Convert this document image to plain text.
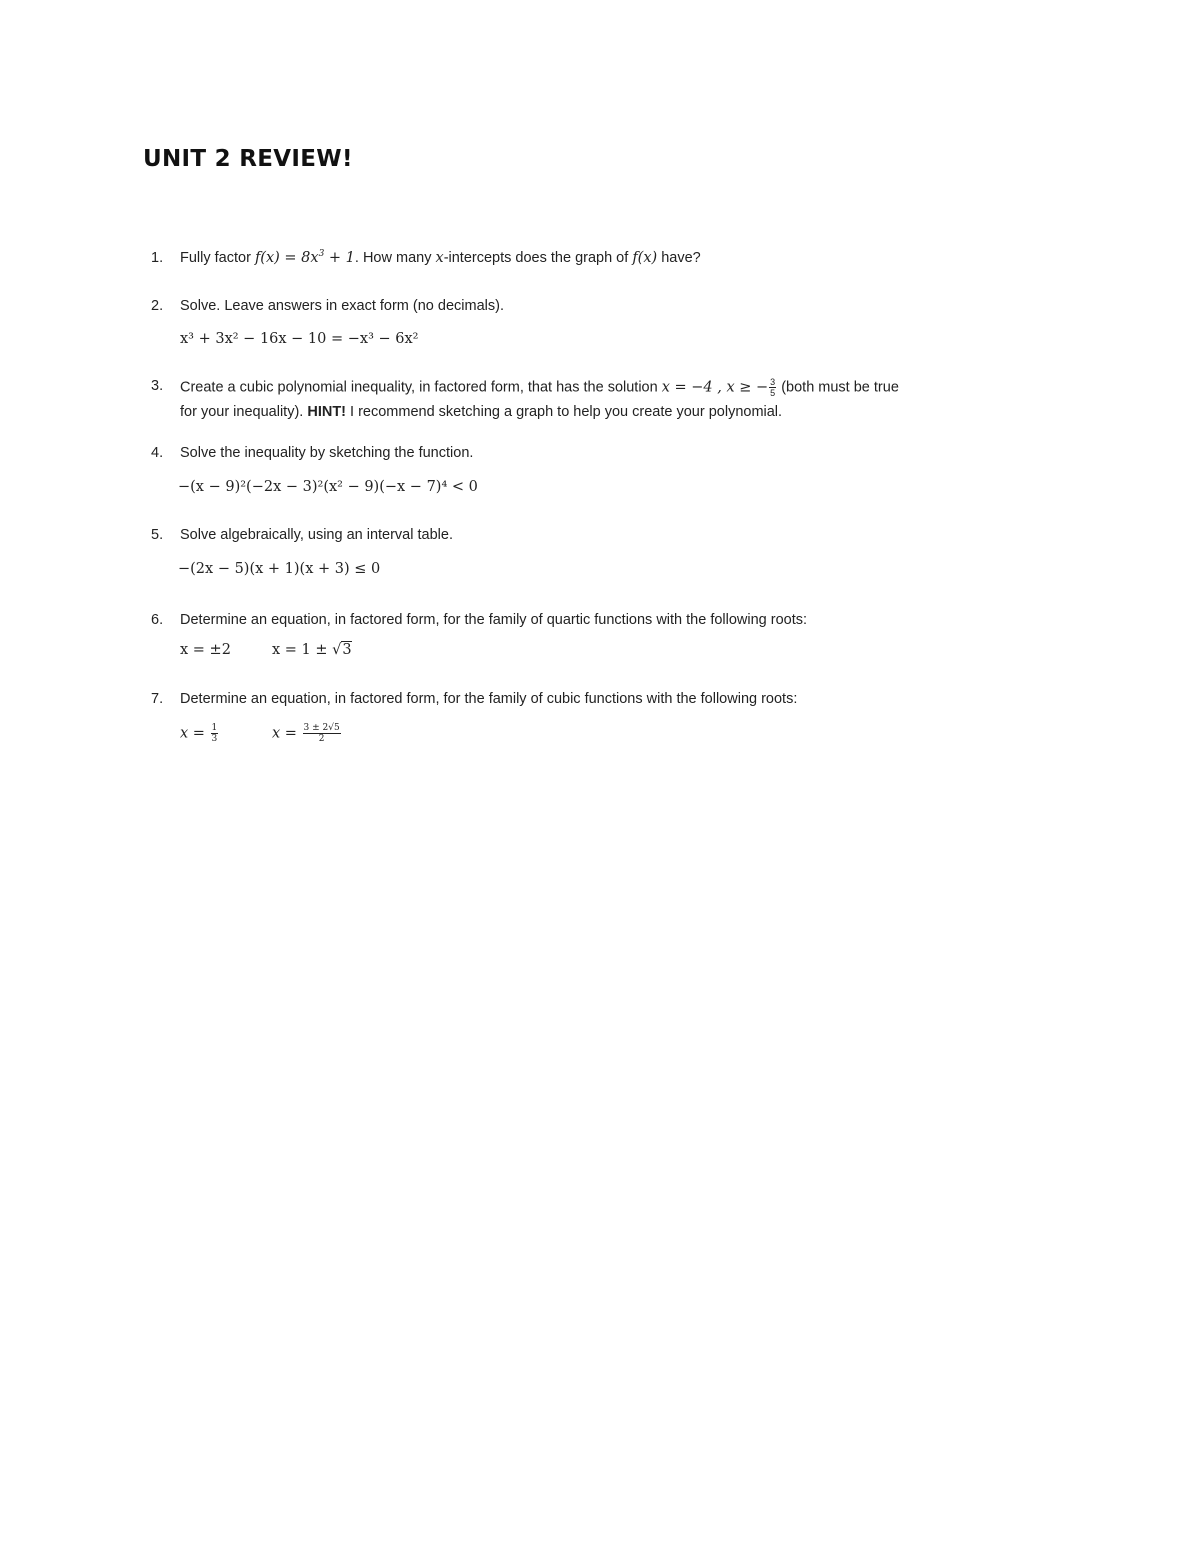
UNIT 2 REVIEW!
1. Fully factor $f(x) = 8x^3 + 1$. How many x-intercepts does the graph of f(x) have?
2. Solve. Leave answers in exact form (no decimals).
x³ + 3x² − 16x − 10 = −x³ − 6x²
3. Create a cubic polynomial inequality, in factored form, that has the solution x = −4 , x ≥ − $\frac{3}{5}$ (both must be true
for your inequality). HINT! I recommend sketching a graph to help you create your polynomial.
4. Solve the inequality by sketching the function.
−(x − 9)²(−2x − 3)²(x² − 9)(−x − 7)⁴ < 0
5. Solve algebraically, using an interval table.
−(2x − 5)(x + 1)(x + 3) ≤ 0
6. Determine an equation, in factored form, for the family of quartic functions with the following roots:
x = ±2	x = 1 ± √3
7. Determine an equation, in factored form, for the family of cubic functions with the following roots:
$x = \frac{1}{3}$	$x = \frac{3 \pm 2√5}{2}$
